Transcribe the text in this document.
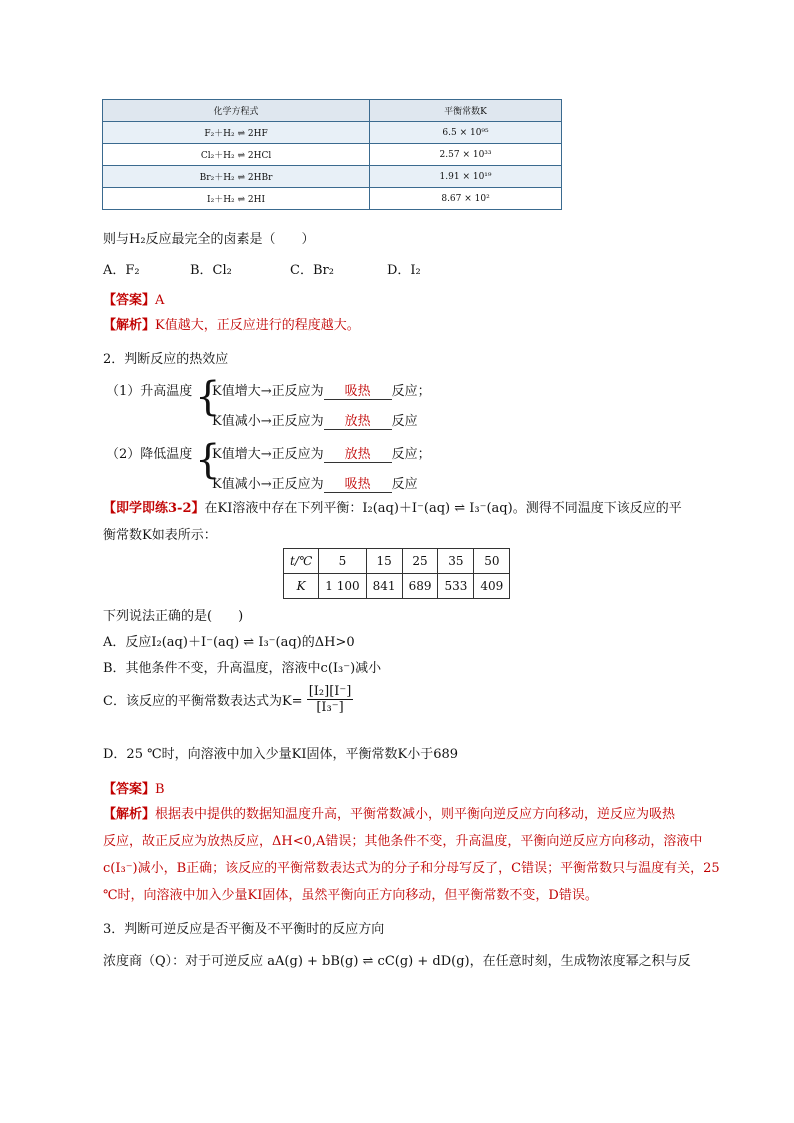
化学方程式	平衡常数K
F₂＋H₂ ⇌ 2HF	6.5 × 10⁹⁵
Cl₂＋H₂ ⇌ 2HCl	2.57 × 10³³
Br₂＋H₂ ⇌ 2HBr	1.91 × 10¹⁹
I₂＋H₂ ⇌ 2HI	8.67 × 10²
则与H₂反应最完全的卤素是（　　）
A．F₂	B．Cl₂	C．Br₂	D．I₂
【答案】A
【解析】K值越大，正反应进行的程度越大。
2．判断反应的热效应
（1）升高温度 {
K值增大→正反应为 吸热 反应；
K值减小→正反应为 放热 反应
（2）降低温度 {
K值增大→正反应为 放热 反应；
K值减小→正反应为 吸热 反应
【即学即练3-2】在KI溶液中存在下列平衡：I₂(aq)＋I⁻(aq) ⇌ I₃⁻(aq)。测得不同温度下该反应的平
衡常数K如表所示：
t/℃	5	15	25	35	50
K	1 100	841	689	533	409
下列说法正确的是(　　)
A．反应I₂(aq)＋I⁻(aq) ⇌ I₃⁻(aq)的ΔH>0
B．其他条件不变，升高温度，溶液中c(I₃⁻)减小
C．该反应的平衡常数表达式为$K= \frac{\text{[I₂][I⁻]}}{\text{[I₃⁻]}}$
D．25 ℃时，向溶液中加入少量KI固体，平衡常数K小于689
【答案】B
【解析】根据表中提供的数据知温度升高，平衡常数减小，则平衡向逆反应方向移动，逆反应为吸热
反应，故正反应为放热反应，ΔH<0,A错误；其他条件不变，升高温度，平衡向逆反应方向移动，溶液中
c(I₃⁻)减小，B正确；该反应的平衡常数表达式为的分子和分母写反了，C错误；平衡常数只与温度有关，25
℃时，向溶液中加入少量KI固体，虽然平衡向正方向移动，但平衡常数不变，D错误。
3．判断可逆反应是否平衡及不平衡时的反应方向
浓度商（Q）：对于可逆反应 aA(g) + bB(g) ⇌ cC(g) + dD(g)，在任意时刻，生成物浓度幂之积与反
